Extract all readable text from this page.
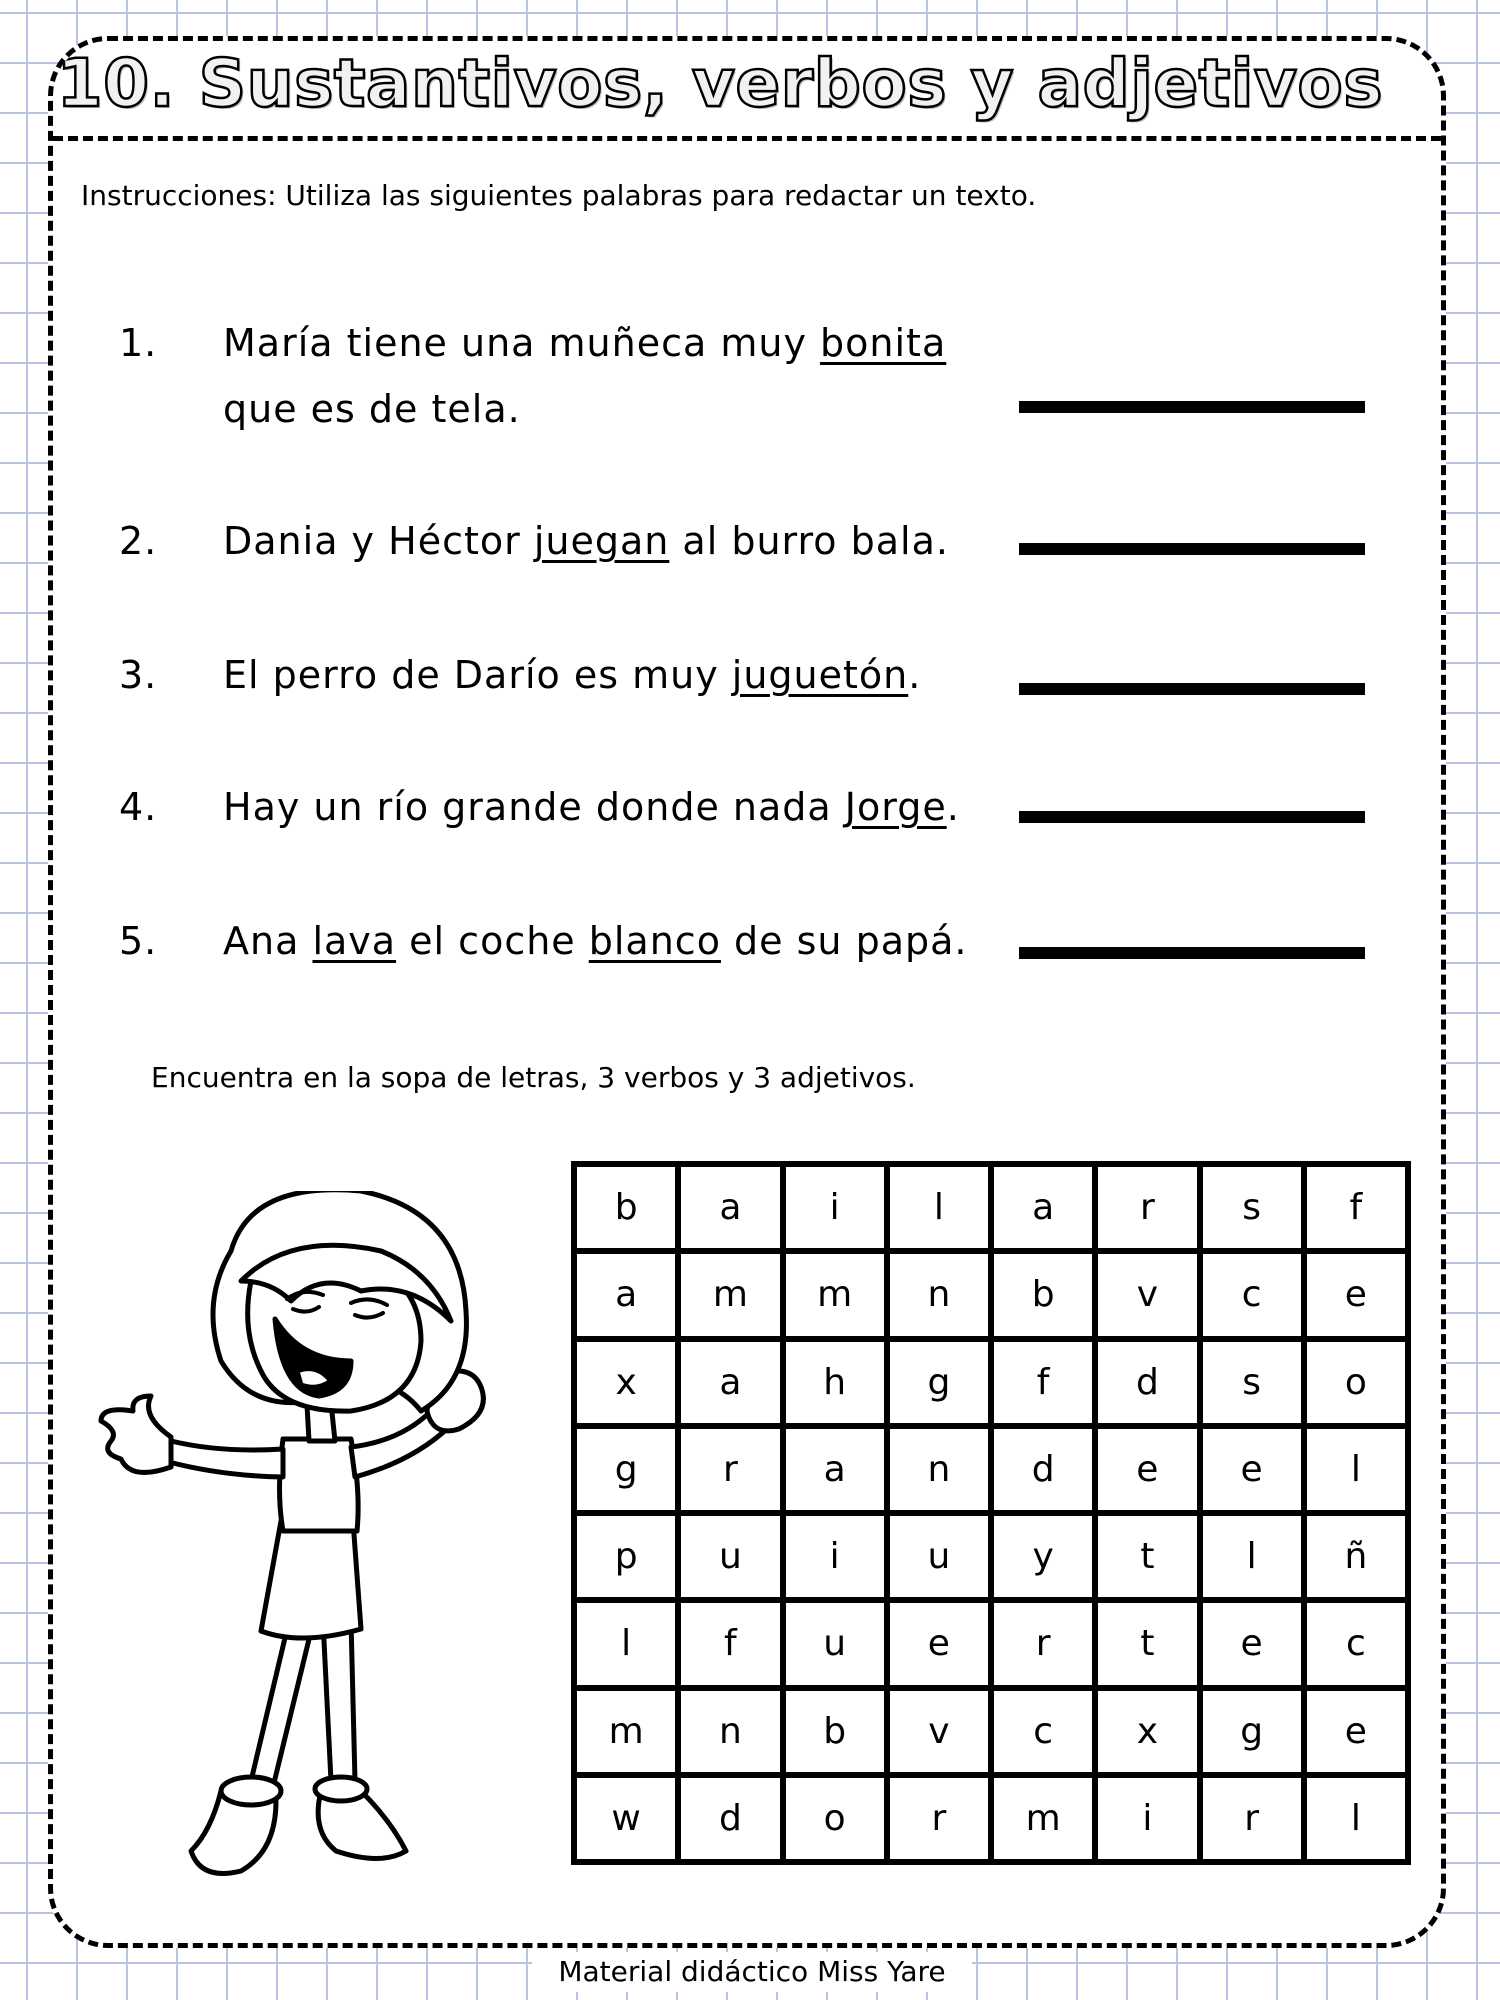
10. Sustantivos, verbos y adjetivos
Instrucciones: Utiliza las siguientes palabras para redactar un texto.
1. María tiene una muñeca muy bonita
que es de tela.
2. Dania y Héctor juegan al burro bala.
3. El perro de Darío es muy juguetón.
4. Hay un río grande donde nada Jorge.
5. Ana lava el coche blanco de su papá.
Encuentra en la sopa de letras, 3 verbos y 3 adjetivos.
b	a	i	l	a	r	s	f
a	m	m	n	b	v	c	e
x	a	h	g	f	d	s	o
g	r	a	n	d	e	e	l
p	u	i	u	y	t	l	ñ
l	f	u	e	r	t	e	c
m	n	b	v	c	x	g	e
w	d	o	r	m	i	r	l
Material didáctico Miss Yare
